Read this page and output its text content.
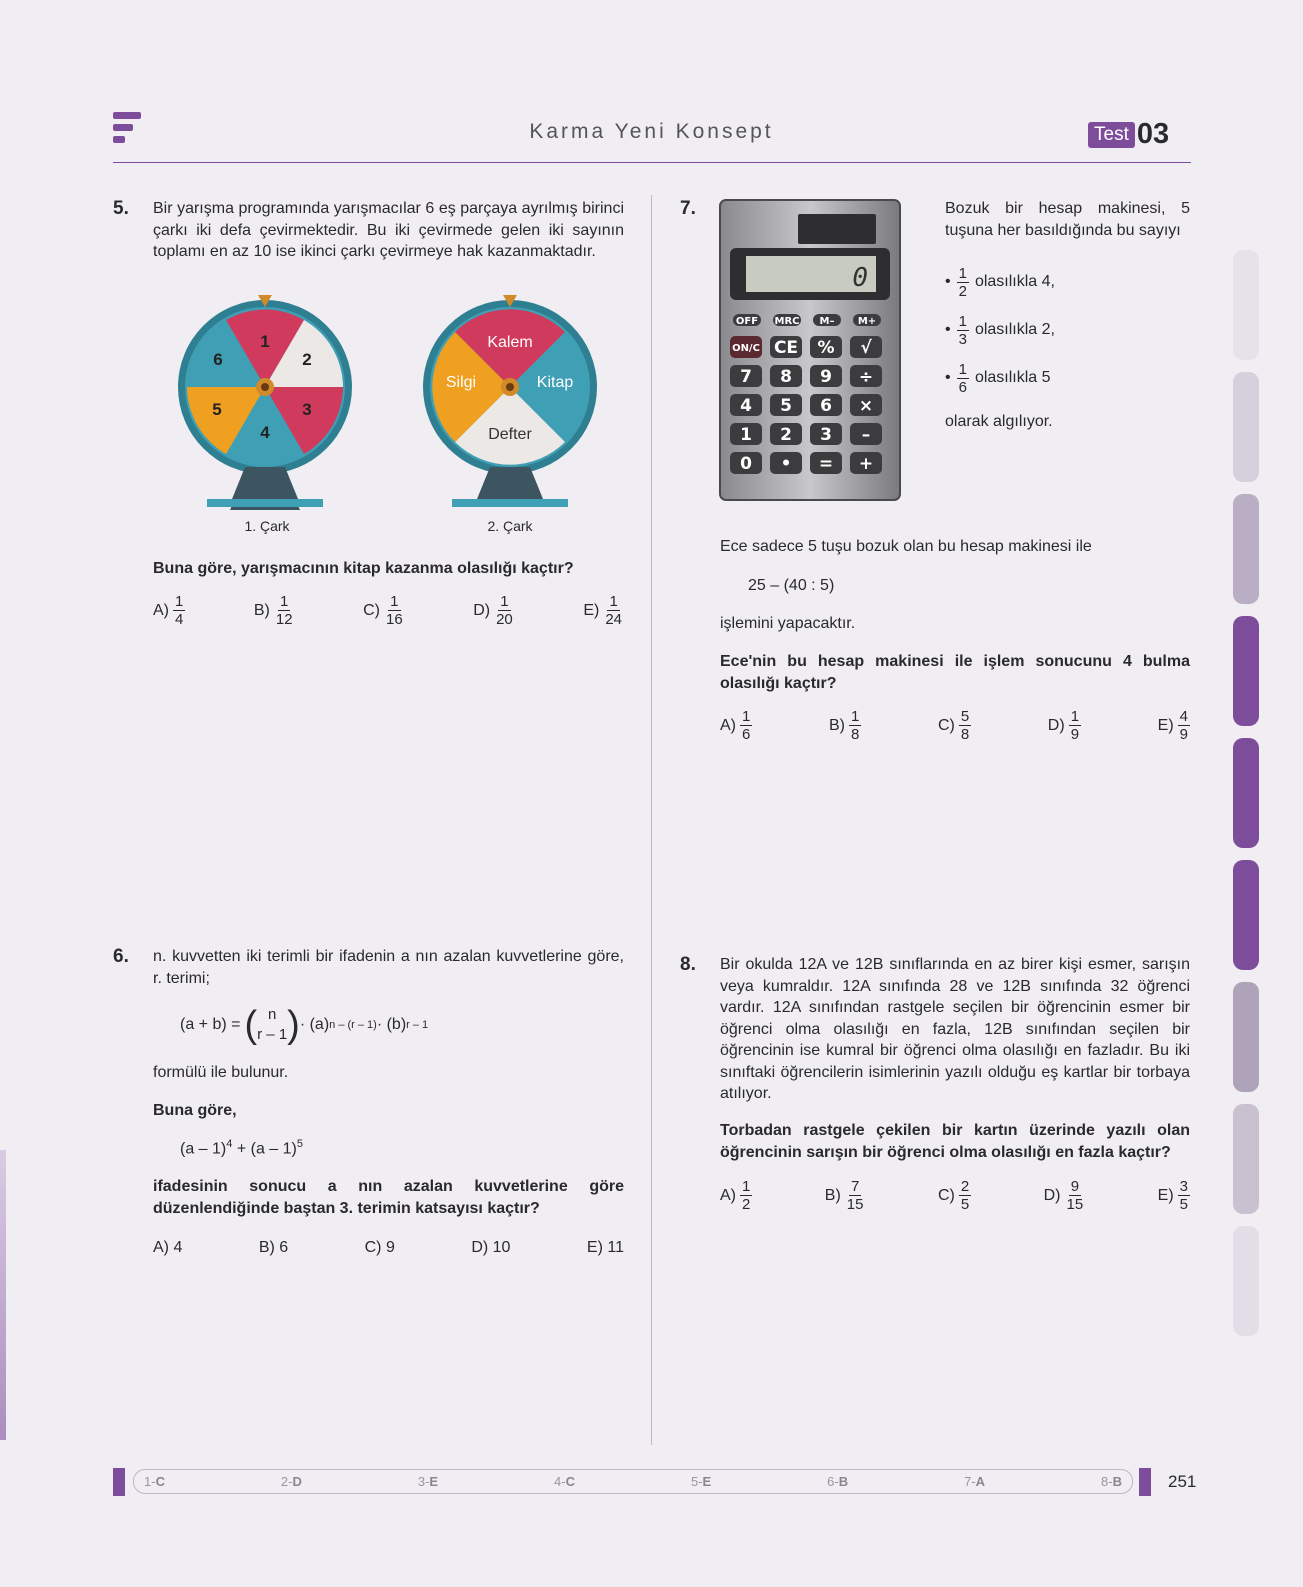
Karma Yeni Konsept	Test 03
5. Bir yarışma programında yarışmacılar 6 eş parçaya ayrılmış birinci çarkı iki defa çevirmektedir. Bu iki çevirmede gelen iki sayının toplamı en az 10 ise ikinci çarkı çevirmeye hak kazanmaktadır.
1
2
3
4
5
6
Kalem
Kitap
Defter
Silgi
1. Çark	2. Çark
Buna göre, yarışmacının kitap kazanma olasılığı kaçtır?
$A) \frac{1}{4}$	$B) \frac{1}{12}$	$C) \frac{1}{16}$	$D) \frac{1}{20}$	$E) \frac{1}{24}$
6. n. kuvvetten iki terimli bir ifadenin a nın azalan kuvvetlerine göre, r. terimi;
(a + b) = ( n
r – 1 ) · (a) n – (r – 1) · (b) r – 1
formülü ile bulunur.
Buna göre,
(a – 1)$^4$ + (a – 1)$^5$
ifadesinin sonucu a nın azalan kuvvetlerine göre düzenlendiğinde baştan 3. terimin katsayısı kaçtır?
A) 4	B) 6	C) 9	D) 10	E) 11
7.
0
OFF MRC M– M+
ON/C CE % √
7 8 9 ÷
4 5 6 ×
1 2 3 –
0 • = +
Bozuk bir hesap makinesi, 5 tuşuna her basıldığında bu sayıyı
• $\frac{1}{2}$ olasılıkla 4,
• $\frac{1}{3}$ olasılıkla 2,
• $\frac{1}{6}$ olasılıkla 5
olarak algılıyor.
Ece sadece 5 tuşu bozuk olan bu hesap makinesi ile
25 – (40 : 5)
işlemini yapacaktır.
Ece'nin bu hesap makinesi ile işlem sonucunu 4 bulma olasılığı kaçtır?
$A) \frac{1}{6}$	$B) \frac{1}{8}$	$C) \frac{5}{8}$	$D) \frac{1}{9}$	$E) \frac{4}{9}$
8. Bir okulda 12A ve 12B sınıflarında en az birer kişi esmer, sarışın veya kumraldır. 12A sınıfında 28 ve 12B sınıfında 32 öğrenci vardır. 12A sınıfından rastgele seçilen bir öğrencinin esmer bir öğrenci olma olasılığı en fazla, 12B sınıfından seçilen bir öğrencinin ise kumral bir öğrenci olma olasılığı en fazladır. Bu iki sınıftaki öğrencilerin isimlerinin yazılı olduğu eş kartlar bir torbaya atılıyor.
Torbadan rastgele çekilen bir kartın üzerinde yazılı olan öğrencinin sarışın bir öğrenci olma olasılığı en fazla kaçtır?
$A) \frac{1}{2}$	$B) \frac{7}{15}$	$C) \frac{2}{5}$	$D) \frac{9}{15}$	$E) \frac{3}{5}$
1-C	2-D	3-E	4-C	5-E	6-B	7-A	8-B	251
